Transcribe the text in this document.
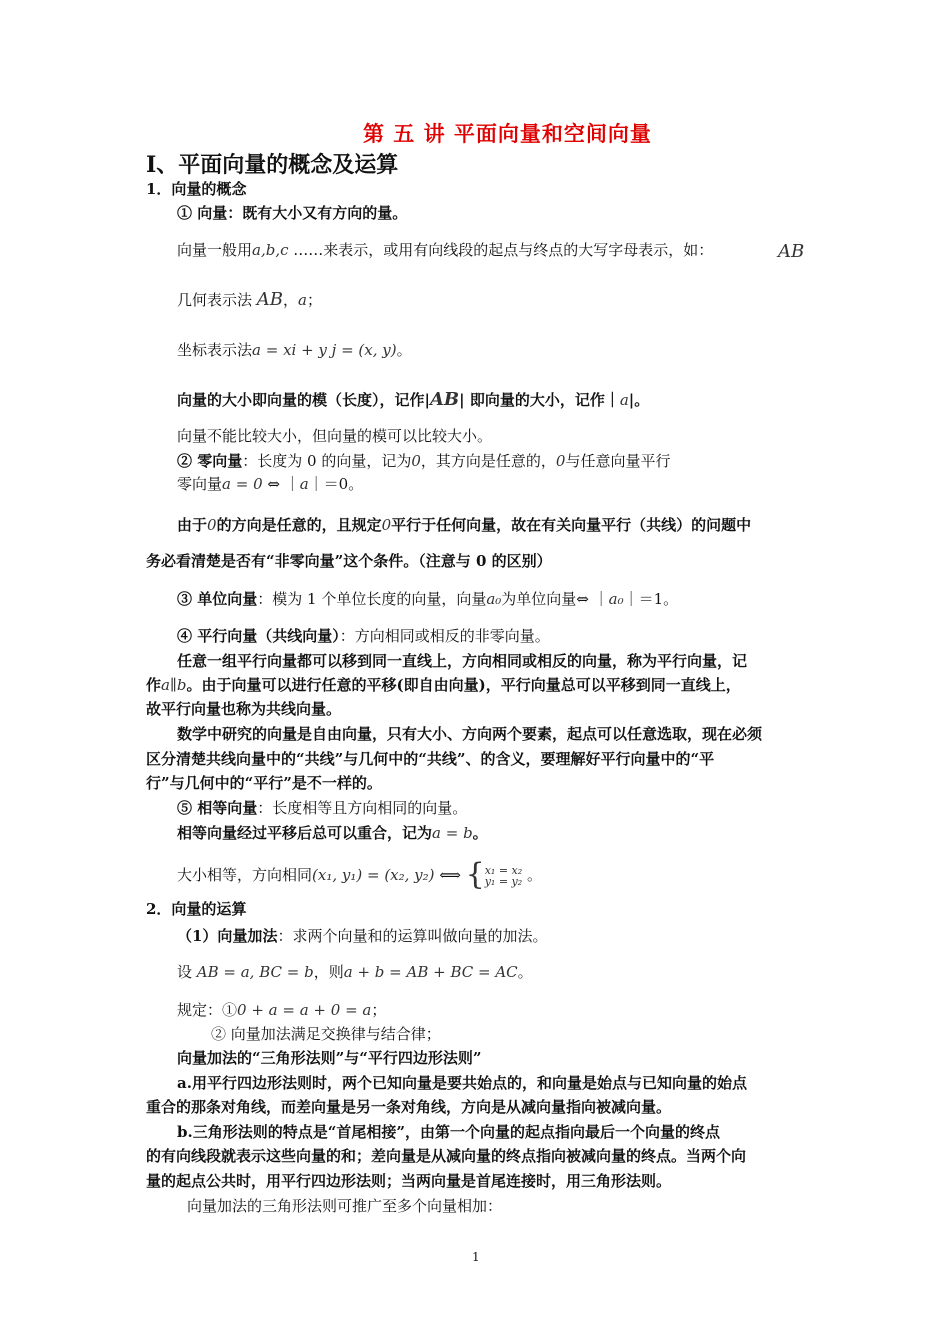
第 五 讲 平面向量和空间向量
Ⅰ、平面向量的概念及运算
1．向量的概念
① 向量：既有大小又有方向的量。
向量一般用a,b,c ……来表示，或用有向线段的起点与终点的大写字母表示，如：	AB
几何表示法 AB，a；
坐标表示法a = xi + y j = (x, y)。
向量的大小即向量的模（长度），记作|AB| 即向量的大小，记作｜a|。
向量不能比较大小，但向量的模可以比较大小。
② 零向量：长度为 0 的向量，记为0，其方向是任意的，0与任意向量平行
零向量a = 0 ⇔ ｜a｜＝0。
由于0的方向是任意的，且规定0平行于任何向量，故在有关向量平行（共线）的问题中
务必看清楚是否有“非零向量”这个条件。（注意与 0 的区别）
③ 单位向量：模为 1 个单位长度的向量，向量a₀为单位向量⇔ ｜a₀｜＝1。
④ 平行向量（共线向量）：方向相同或相反的非零向量。
任意一组平行向量都可以移到同一直线上，方向相同或相反的向量，称为平行向量，记
作a∥b。由于向量可以进行任意的平移(即自由向量)，平行向量总可以平移到同一直线上，
故平行向量也称为共线向量。
数学中研究的向量是自由向量，只有大小、方向两个要素，起点可以任意选取，现在必须
区分清楚共线向量中的“共线”与几何中的“共线”、的含义，要理解好平行向量中的“平
行”与几何中的“平行”是不一样的。
⑤ 相等向量：长度相等且方向相同的向量。
相等向量经过平移后总可以重合，记为a = b。
大小相等，方向相同(x₁, y₁) = (x₂, y₂) ⟺ {x₁ = x₂
y₁ = y₂ 。
2．向量的运算
（1）向量加法：求两个向量和的运算叫做向量的加法。
设 AB = a, BC = b，则a + b = AB + BC = AC。
规定：①0 + a = a + 0 = a；
② 向量加法满足交换律与结合律；
向量加法的“三角形法则”与“平行四边形法则”
a.用平行四边形法则时，两个已知向量是要共始点的，和向量是始点与已知向量的始点
重合的那条对角线，而差向量是另一条对角线，方向是从减向量指向被减向量。
b.三角形法则的特点是“首尾相接”，由第一个向量的起点指向最后一个向量的终点
的有向线段就表示这些向量的和；差向量是从减向量的终点指向被减向量的终点。当两个向
量的起点公共时，用平行四边形法则；当两向量是首尾连接时，用三角形法则。
向量加法的三角形法则可推广至多个向量相加：
1
